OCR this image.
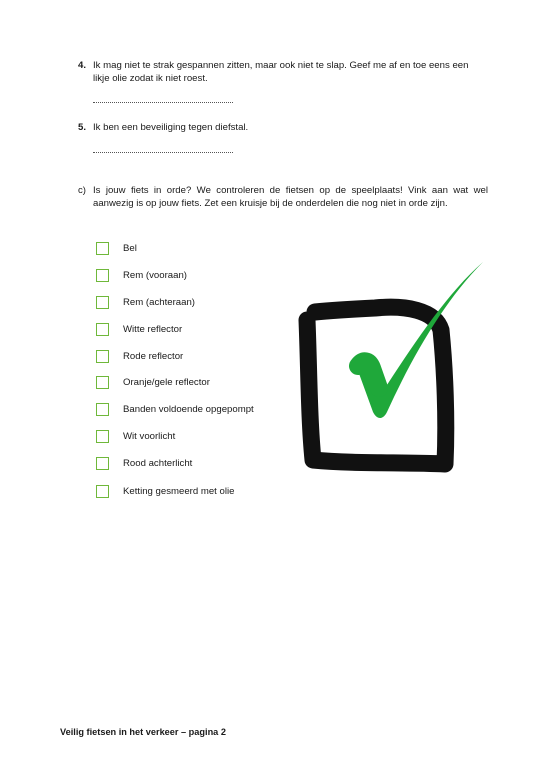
4. Ik mag niet te strak gespannen zitten, maar ook niet te slap. Geef me af en toe eens een likje olie zodat ik niet roest.
5. Ik ben een beveiliging tegen diefstal.
c) Is jouw fiets in orde? We controleren de fietsen op de speelplaats! Vink aan wat wel aanwezig is op jouw fiets. Zet een kruisje bij de onderdelen die nog niet in orde zijn.
Bel
Rem (vooraan)
Rem (achteraan)
Witte reflector
Rode reflector
Oranje/gele reflector
Banden voldoende opgepompt
Wit voorlicht
Rood achterlicht
Ketting gesmeerd met olie
Veilig fietsen in het verkeer – pagina 2
